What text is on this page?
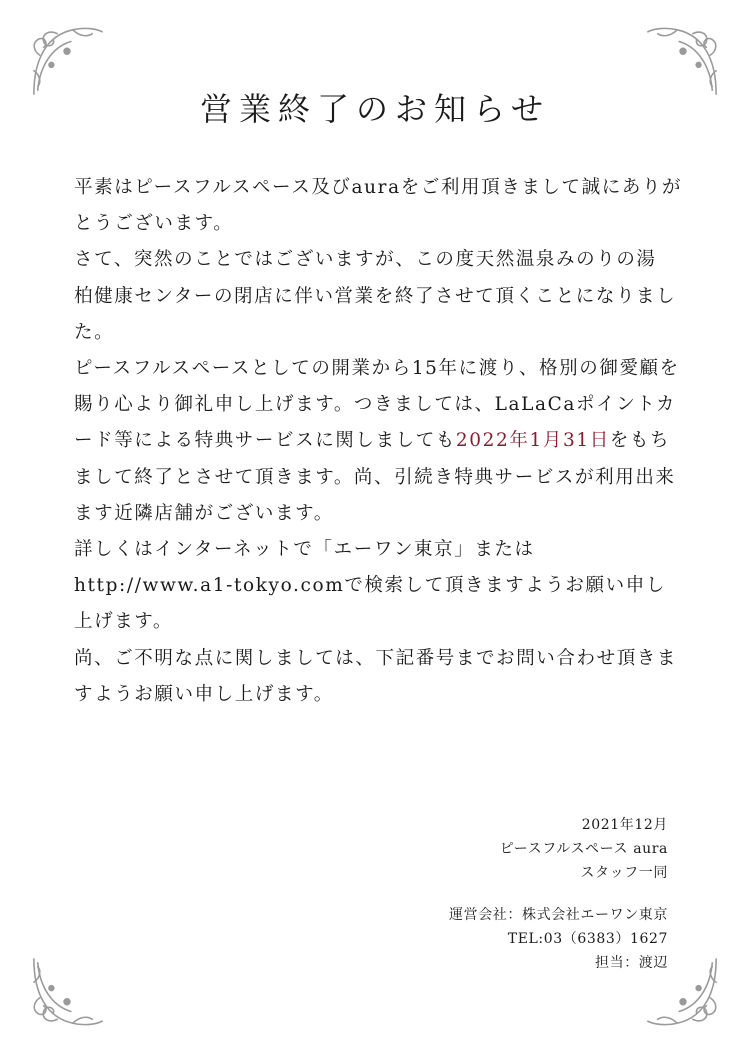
営業終了のお知らせ

平素はピースフルスペース及びauraをご利用頂きまして誠にありがとうございます。

さて、突然のことではございますが、この度天然温泉みのりの湯 柏健康センターの閉店に伴い営業を終了させて頂くことになりました。

ピースフルスペースとしての開業から15年に渡り、格別の御愛顧を賜り心より御礼申し上げます。つきましては、LaLaCaポイントカード等による特典サービスに関しましても2022年1月31日をもちまして終了とさせて頂きます。尚、引続き特典サービスが利用出来ます近隣店舗がございます。

詳しくはインターネットで「エーワン東京」またはhttp://www.a1-tokyo.comで検索して頂きますようお願い申し上げます。

尚、ご不明な点に関しましては、下記番号までお問い合わせ頂きますようお願い申し上げます。

2021年12月
ピースフルスペース aura
スタッフ一同
運営会社：株式会社エーワン東京
TEL:03（6383）1627
担当：渡辺
